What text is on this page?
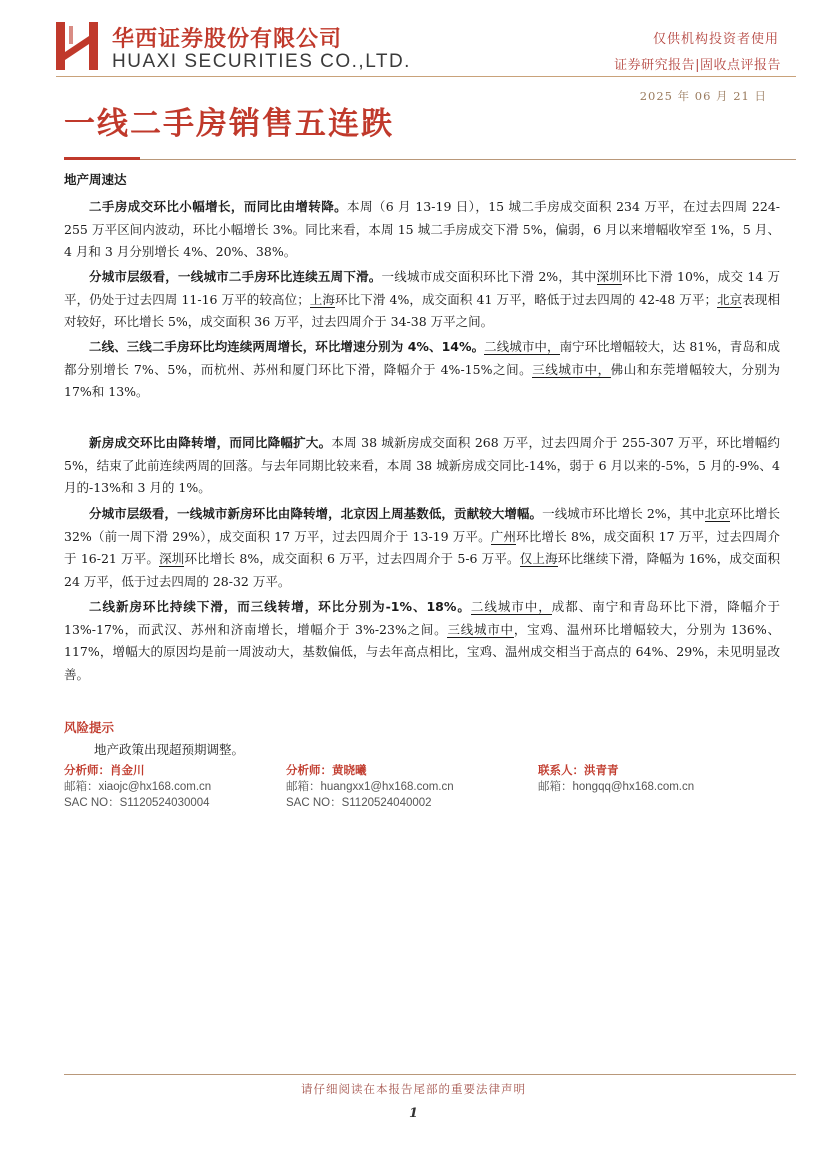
华西证券股份有限公司
HUAXI SECURITIES CO.,LTD.
仅供机构投资者使用
证券研究报告|固收点评报告
2025 年 06 月 21 日
一线二手房销售五连跌
地产周速达

二手房成交环比小幅增长，而同比由增转降。本周（6 月 13-19 日），15 城二手房成交面积 234 万平，在过去四周 224-255 万平区间内波动，环比小幅增长 3%。同比来看，本周 15 城二手房成交下滑 5%，偏弱，6 月以来增幅收窄至 1%，5 月、4 月和 3 月分别增长 4%、20%、38%。

分城市层级看，一线城市二手房环比连续五周下滑。一线城市成交面积环比下滑 2%，其中深圳环比下滑 10%，成交 14 万平，仍处于过去四周 11-16 万平的较高位；上海环比下滑 4%，成交面积 41 万平，略低于过去四周的 42-48 万平；北京表现相对较好，环比增长 5%，成交面积 36 万平，过去四周介于 34-38 万平之间。

二线、三线二手房环比均连续两周增长，环比增速分别为 4%、14%。二线城市中，南宁环比增幅较大，达 81%，青岛和成都分别增长 7%、5%，而杭州、苏州和厦门环比下滑，降幅介于 4%-15%之间。三线城市中，佛山和东莞增幅较大，分别为 17%和 13%。

新房成交环比由降转增，而同比降幅扩大。本周 38 城新房成交面积 268 万平，过去四周介于 255-307 万平，环比增幅约 5%，结束了此前连续两周的回落。与去年同期比较来看，本周 38 城新房成交同比-14%，弱于 6 月以来的-5%，5 月的-9%、4 月的-13%和 3 月的 1%。

分城市层级看，一线城市新房环比由降转增，北京因上周基数低，贡献较大增幅。一线城市环比增长 2%，其中北京环比增长 32%（前一周下滑 29%），成交面积 17 万平，过去四周介于 13-19 万平。广州环比增长 8%，成交面积 17 万平，过去四周介于 16-21 万平。深圳环比增长 8%，成交面积 6 万平，过去四周介于 5-6 万平。仅上海环比继续下滑，降幅为 16%，成交面积 24 万平，低于过去四周的 28-32 万平。

二线新房环比持续下滑，而三线转增，环比分别为-1%、18%。二线城市中，成都、南宁和青岛环比下滑，降幅介于 13%-17%，而武汉、苏州和济南增长，增幅介于 3%-23%之间。三线城市中，宝鸡、温州环比增幅较大，分别为 136%、117%，增幅大的原因均是前一周波动大，基数偏低，与去年高点相比，宝鸡、温州成交相当于高点的 64%、29%，未见明显改善。

风险提示
地产政策出现超预期调整。
分析师：肖金川
邮箱：xiaojc@hx168.com.cn
SAC NO：S1120524030004
分析师：黄晓曦
邮箱：huangxx1@hx168.com.cn
SAC NO：S1120524040002
联系人：洪青青
邮箱：hongqq@hx168.com.cn
请仔细阅读在本报告尾部的重要法律声明
1
